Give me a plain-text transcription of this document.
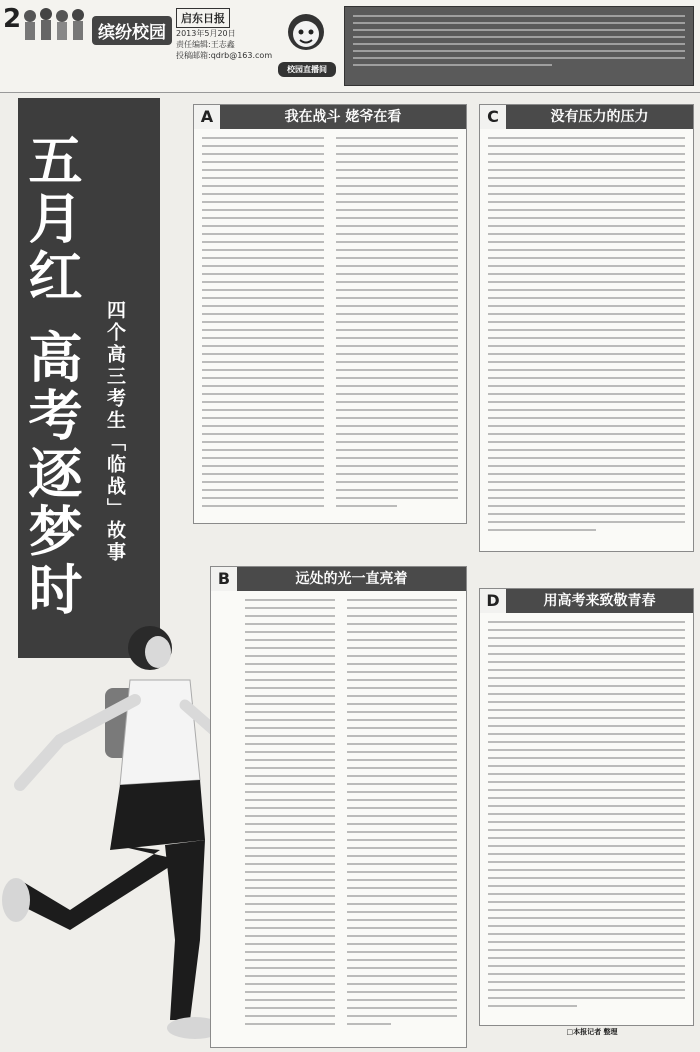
2	缤纷校园
启东日报
2013年5月20日
责任编辑:王志鑫
投稿邮箱:qdrb@163.com
校园直播间
五月红 高考逐梦时 四个高三考生「临战」故事
A	我在战斗 姥爷在看
B	远处的光一直亮着
C	没有压力的压力
D	用高考来致敬青春
□本报记者 整理
